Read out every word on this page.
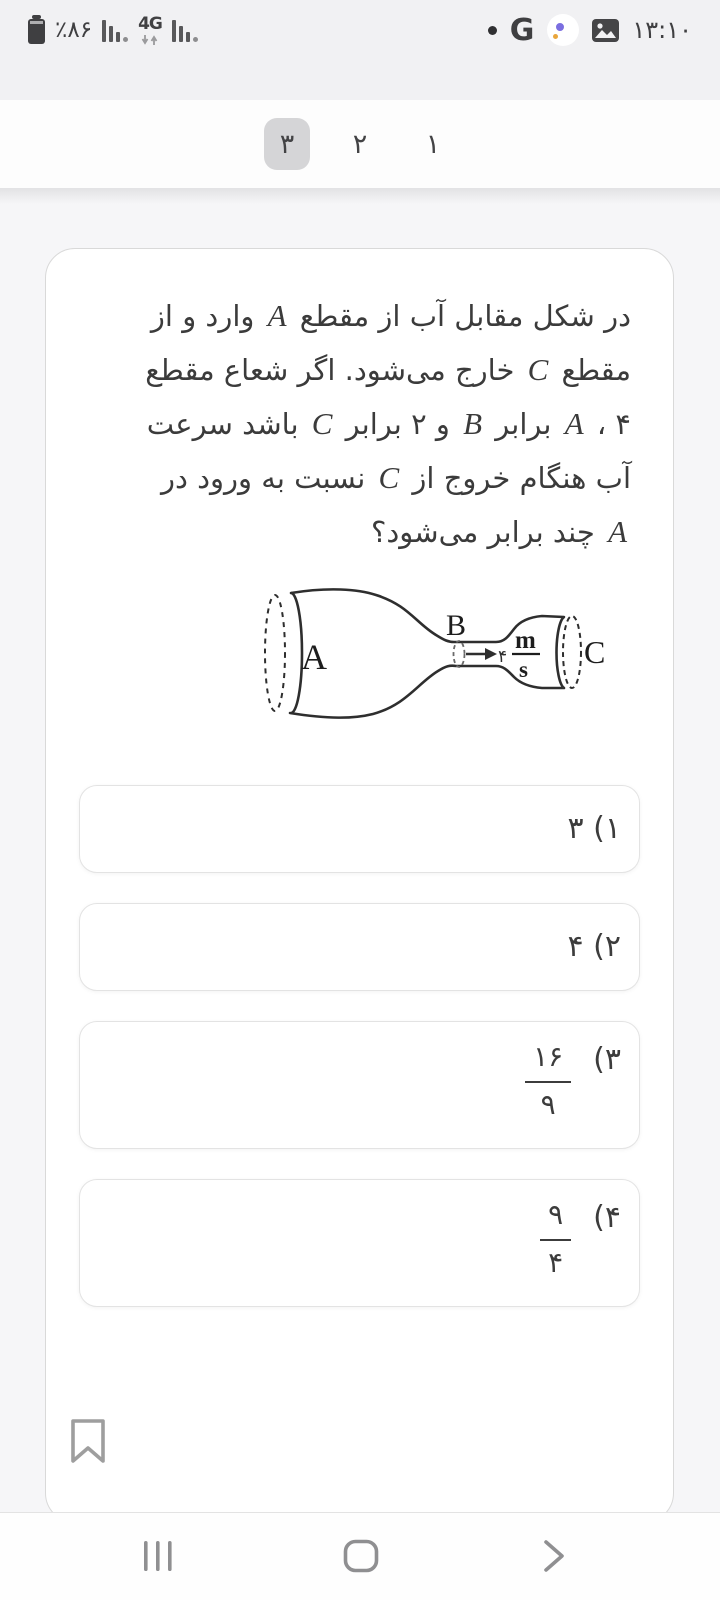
٪۸۶	4G	G	۱۳:۱۰
۱
۲
۳
در شکل مقابل آب از مقطع A وارد و از
مقطع C خارج می‌شود. اگر شعاع مقطع
A ، ۴ برابر B و ۲ برابر C باشد سرعت
آب هنگام خروج از C نسبت به ورود در
A چند برابر می‌شود؟
۴
m
s
A
B
C
۱) ۳
۲) ۴
۳)
$\frac{۱۶}{۹}$
۴)
$\frac{۹}{۴}$
